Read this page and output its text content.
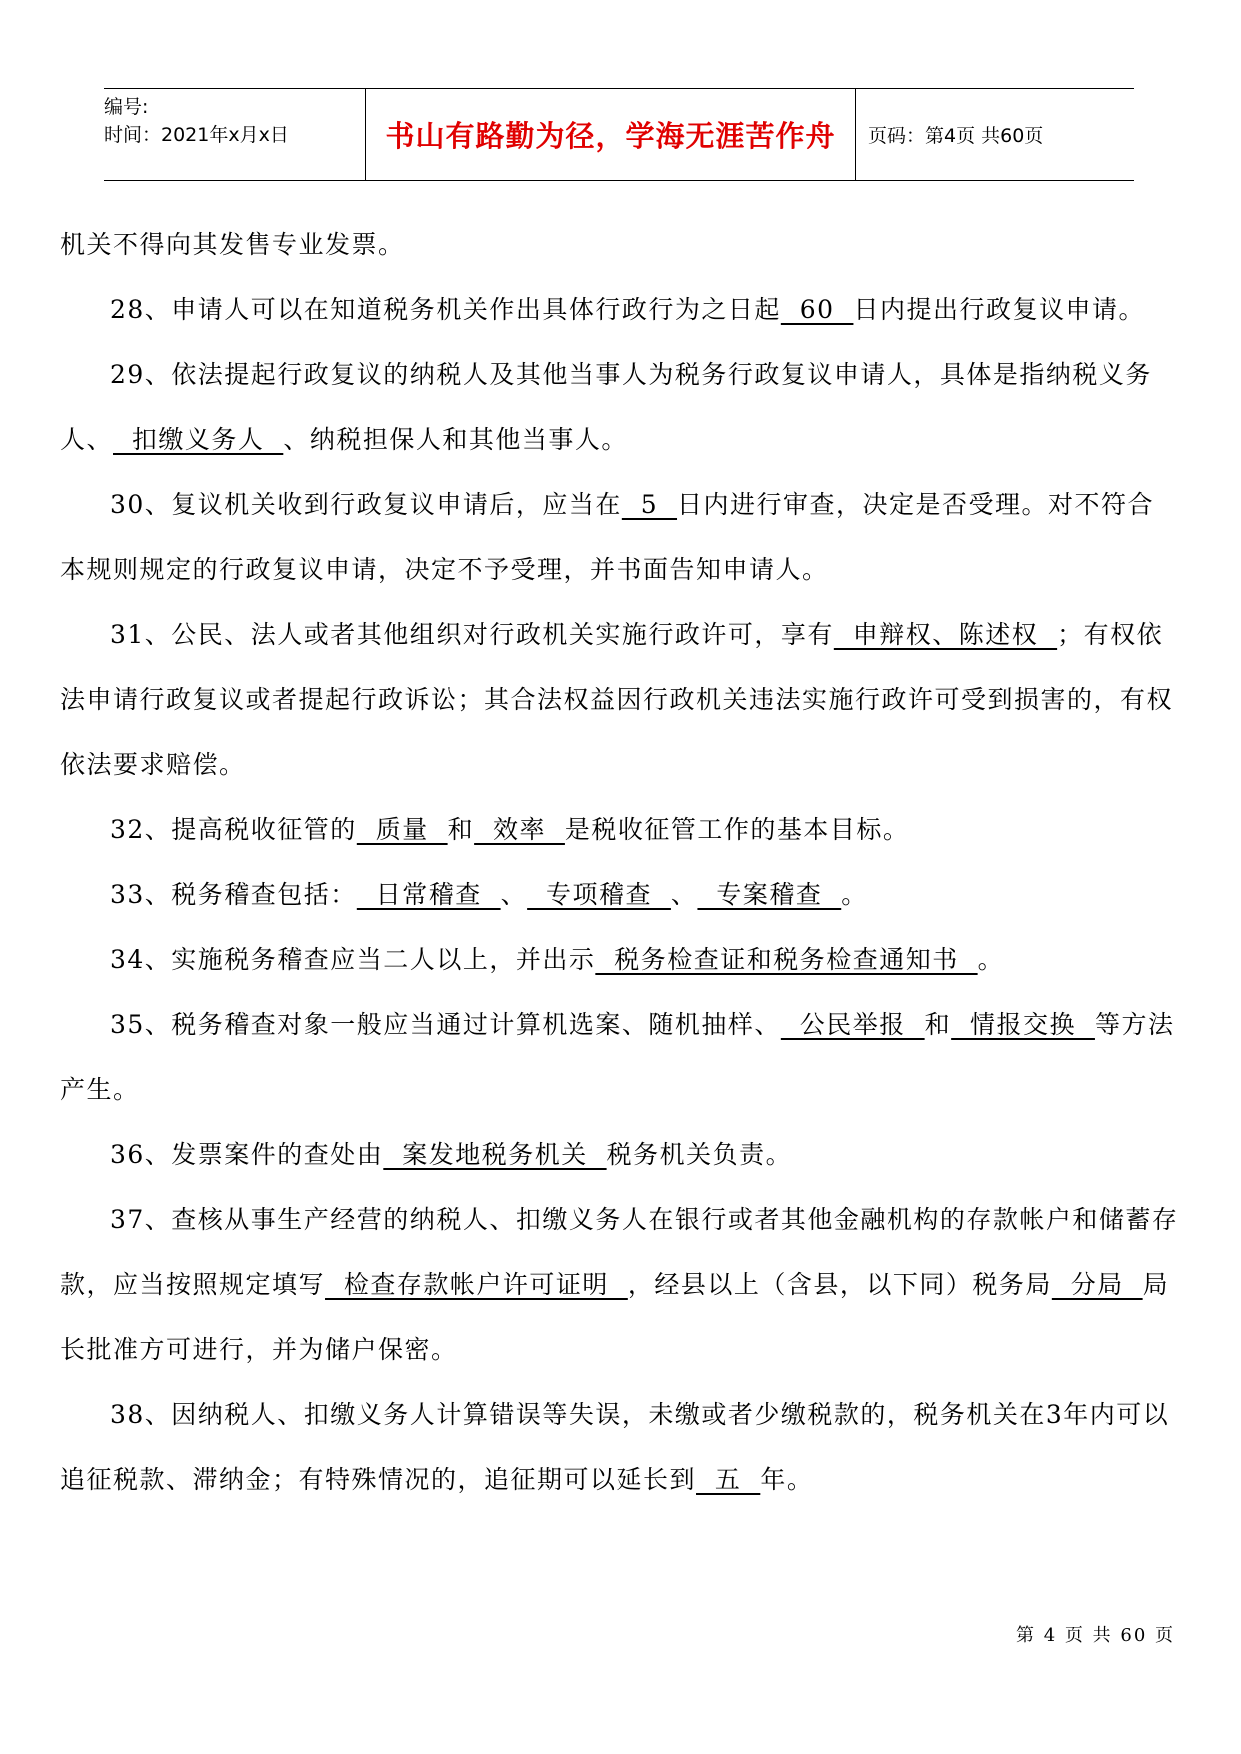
编号:
时间：2021年x月x日	书山有路勤为径，学海无涯苦作舟	页码：第4页 共60页

机关不得向其发售专业发票。

28、申请人可以在知道税务机关作出具体行政行为之日起  60  日内提出行政复议申请。

29、依法提起行政复议的纳税人及其他当事人为税务行政复议申请人，具体是指纳税义务人、  扣缴义务人  、纳税担保人和其他当事人。

30、复议机关收到行政复议申请后，应当在  5  日内进行审查，决定是否受理。对不符合本规则规定的行政复议申请，决定不予受理，并书面告知申请人。

31、公民、法人或者其他组织对行政机关实施行政许可，享有  申辩权、陈述权  ；有权依法申请行政复议或者提起行政诉讼；其合法权益因行政机关违法实施行政许可受到损害的，有权依法要求赔偿。

32、提高税收征管的  质量  和  效率  是税收征管工作的基本目标。

33、税务稽查包括：  日常稽查  、  专项稽查  、  专案稽查  。

34、实施税务稽查应当二人以上，并出示  税务检查证和税务检查通知书  。

35、税务稽查对象一般应当通过计算机选案、随机抽样、  公民举报  和  情报交换  等方法产生。

36、发票案件的查处由  案发地税务机关  税务机关负责。

37、查核从事生产经营的纳税人、扣缴义务人在银行或者其他金融机构的存款帐户和储蓄存款，应当按照规定填写  检查存款帐户许可证明  ，经县以上（含县，以下同）税务局  分局  局长批准方可进行，并为储户保密。

38、因纳税人、扣缴义务人计算错误等失误，未缴或者少缴税款的，税务机关在3年内可以追征税款、滞纳金；有特殊情况的，追征期可以延长到  五  年。

第 4 页 共 60 页
